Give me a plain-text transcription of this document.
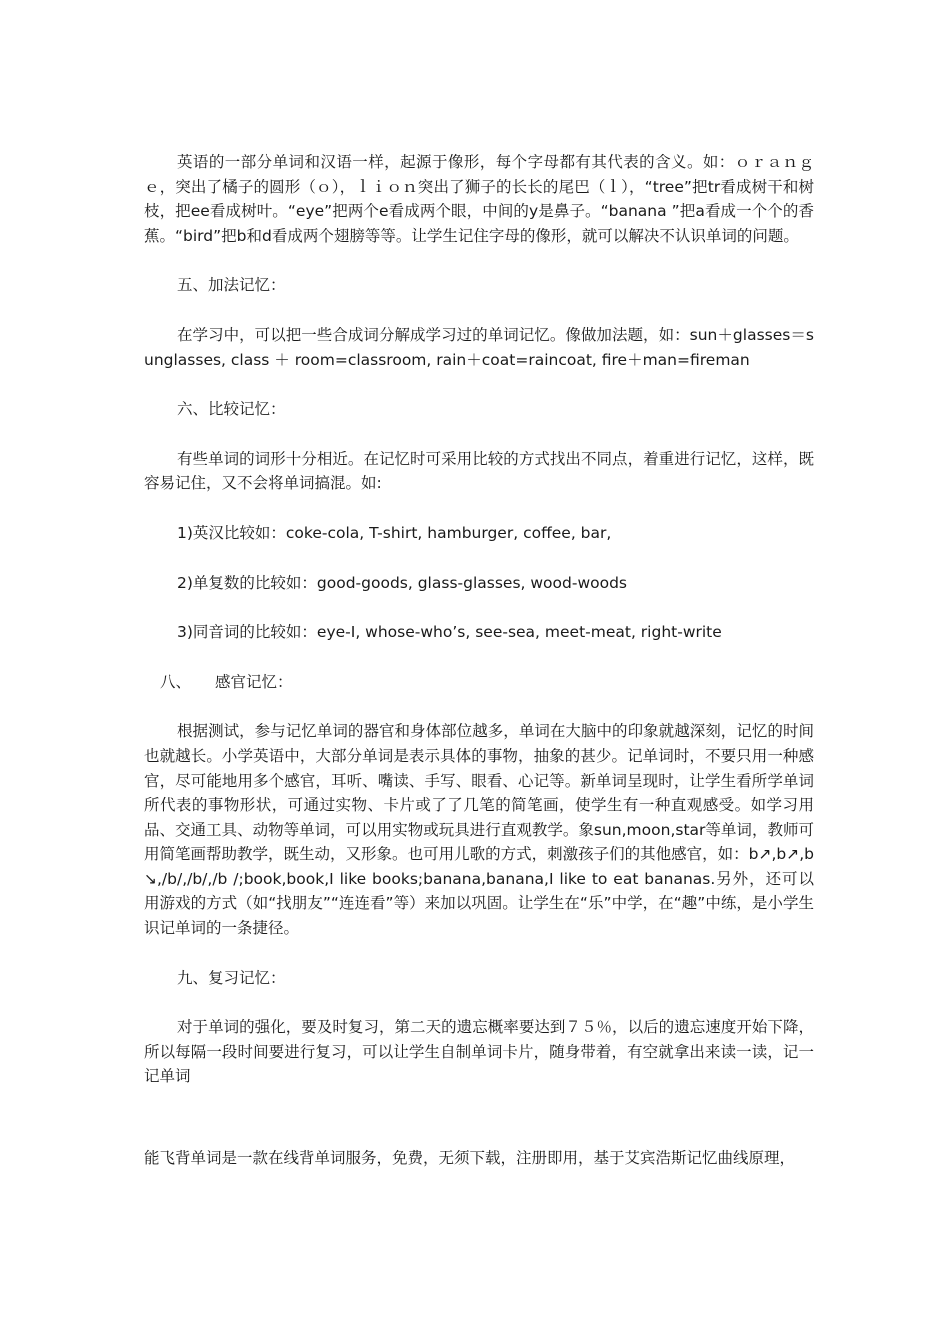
英语的一部分单词和汉语一样，起源于像形，每个字母都有其代表的含义。如：ｏｒａｎｇｅ，突出了橘子的圆形（ｏ），ｌｉｏｎ突出了狮子的长长的尾巴（ｌ），“tree”把tr看成树干和树枝，把ee看成树叶。“eye”把两个e看成两个眼，中间的y是鼻子。“banana ”把a看成一个个的香蕉。“bird”把b和d看成两个翅膀等等。让学生记住字母的像形，就可以解决不认识单词的问题。

五、加法记忆：

在学习中，可以把一些合成词分解成学习过的单词记忆。像做加法题，如：sun＋glasses＝sunglasses, class ＋ room=classroom, rain＋coat=raincoat, fire＋man=fireman

六、比较记忆：

有些单词的词形十分相近。在记忆时可采用比较的方式找出不同点，着重进行记忆，这样，既容易记住，又不会将单词搞混。如:

1)英汉比较如：coke-cola, T-shirt, hamburger, coffee, bar,

2)单复数的比较如：good-goods, glass-glasses, wood-woods

3)同音词的比较如：eye-I, whose-who’s, see-sea, meet-meat, right-write

八、 感官记忆：

根据测试，参与记忆单词的器官和身体部位越多，单词在大脑中的印象就越深刻，记忆的时间也就越长。小学英语中，大部分单词是表示具体的事物，抽象的甚少。记单词时，不要只用一种感官，尽可能地用多个感官，耳听、嘴读、手写、眼看、心记等。新单词呈现时，让学生看所学单词所代表的事物形状，可通过实物、卡片或了了几笔的简笔画，使学生有一种直观感受。如学习用品、交通工具、动物等单词，可以用实物或玩具进行直观教学。象sun,moon,star等单词，教师可用简笔画帮助教学，既生动，又形象。也可用儿歌的方式，刺激孩子们的其他感官，如：b↗,b↗,b↘,/b/,/b/,/b /;book,book,I like books;banana,banana,I like to eat bananas.另外，还可以用游戏的方式（如“找朋友”“连连看”等）来加以巩固。让学生在“乐”中学，在“趣”中练，是小学生识记单词的一条捷径。

九、复习记忆：

对于单词的强化，要及时复习，第二天的遗忘概率要达到７５％，以后的遗忘速度开始下降，所以每隔一段时间要进行复习，可以让学生自制单词卡片，随身带着，有空就拿出来读一读，记一记单词

能飞背单词是一款在线背单词服务，免费，无须下载，注册即用，基于艾宾浩斯记忆曲线原理，
